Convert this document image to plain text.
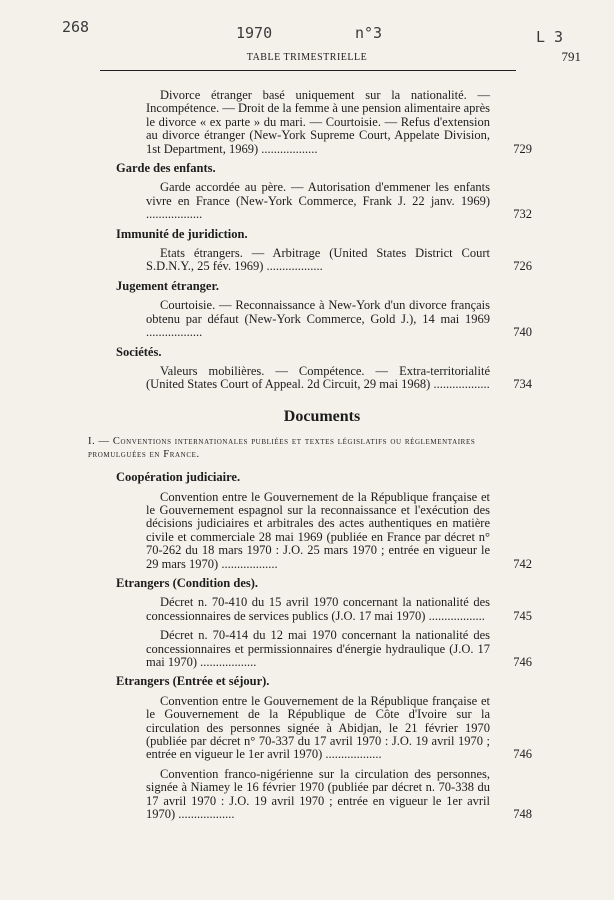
268	1970	n°3	L 3
TABLE TRIMESTRIELLE	791
Divorce étranger basé uniquement sur la nationalité. — Incompétence. — Droit de la femme à une pension alimentaire après le divorce « ex parte » du mari. — Courtoisie. — Refus d'extension au divorce étranger (New-York Supreme Court, Appelate Division, 1st Department, 1969) ..................	729
Garde des enfants.
Garde accordée au père. — Autorisation d'emmener les enfants vivre en France (New-York Commerce, Frank J. 22 janv. 1969) ..................	732
Immunité de juridiction.
Etats étrangers. — Arbitrage (United States District Court S.D.N.Y., 25 fév. 1969) ..................	726
Jugement étranger.
Courtoisie. — Reconnaissance à New-York d'un divorce français obtenu par défaut (New-York Commerce, Gold J.), 14 mai 1969 ..................	740
Sociétés.
Valeurs mobilières. — Compétence. — Extra-territorialité (United States Court of Appeal. 2d Circuit, 29 mai 1968) ..................	734
Documents
I. — Conventions internationales publiées et textes législatifs ou réglementaires promulguées en France.
Coopération judiciaire.
Convention entre le Gouvernement de la République française et le Gouvernement espagnol sur la reconnaissance et l'exécution des décisions judiciaires et arbitrales des actes authentiques en matière civile et commerciale 28 mai 1969 (publiée en France par décret n° 70-262 du 18 mars 1970 : J.O. 25 mars 1970 ; entrée en vigueur le 29 mars 1970) ..................	742
Etrangers (Condition des).
Décret n. 70-410 du 15 avril 1970 concernant la nationalité des concessionnaires de services publics (J.O. 17 mai 1970) ..................	745
Décret n. 70-414 du 12 mai 1970 concernant la nationalité des concessionnaires et permissionnaires d'énergie hydraulique (J.O. 17 mai 1970) ..................	746
Etrangers (Entrée et séjour).
Convention entre le Gouvernement de la République française et le Gouvernement de la République de Côte d'Ivoire sur la circulation des personnes signée à Abidjan, le 21 février 1970 (publiée par décret n° 70-337 du 17 avril 1970 : J.O. 19 avril 1970 ; entrée en vigueur le 1er avril 1970) ..................	746
Convention franco-nigérienne sur la circulation des personnes, signée à Niamey le 16 février 1970 (publiée par décret n. 70-338 du 17 avril 1970 : J.O. 19 avril 1970 ; entrée en vigueur le 1er avril 1970) ..................	748
